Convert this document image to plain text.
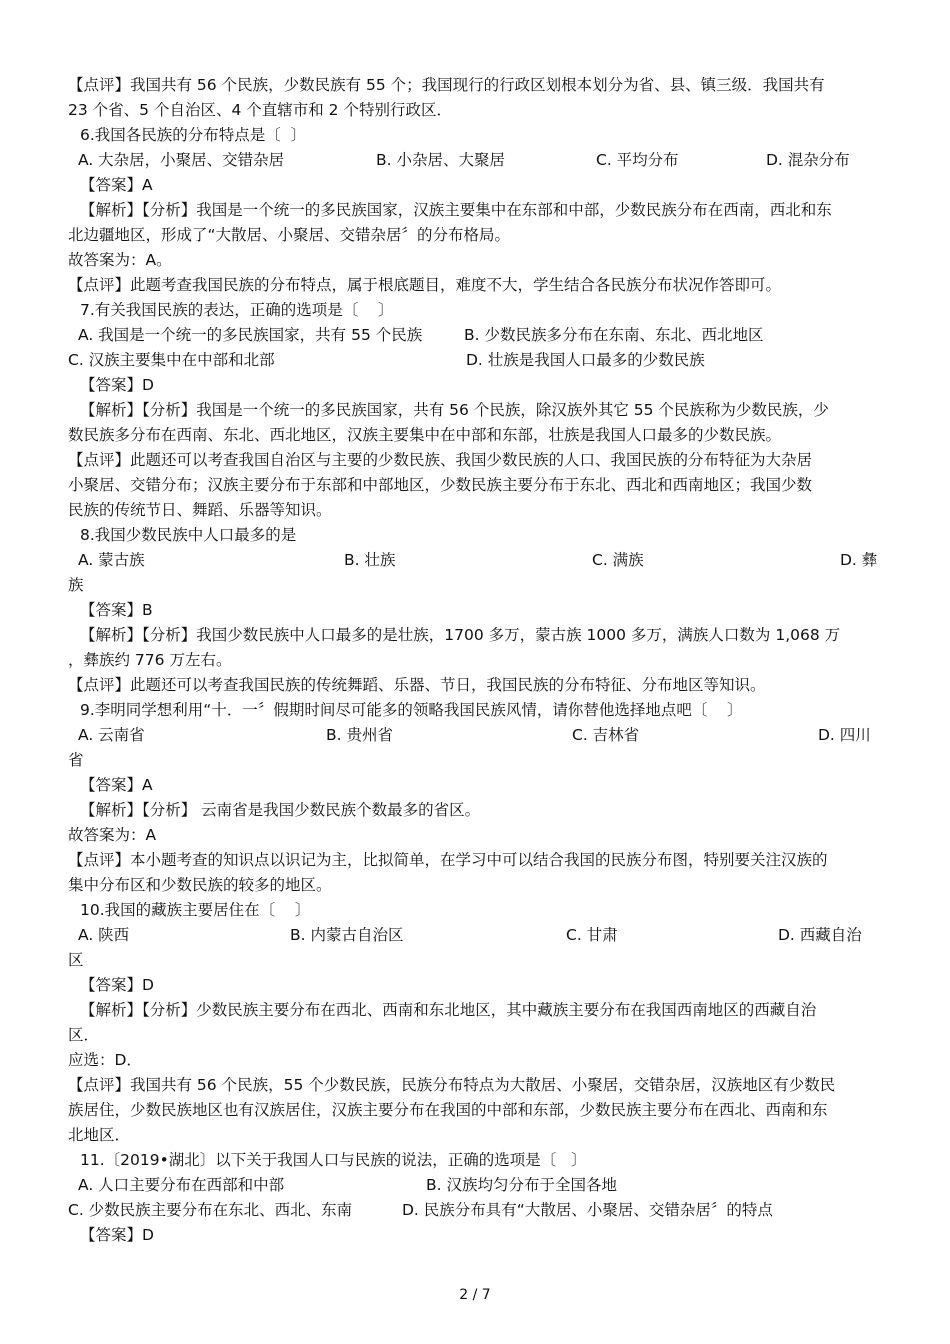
【点评】我国共有 56 个民族，少数民族有 55 个；我国现行的行政区划根本划分为省、县、镇三级．我国共有
23 个省、5 个自治区、4 个直辖市和 2 个特别行政区．
6.我国各民族的分布特点是〔  〕
A. 大杂居，小聚居、交错杂居	B. 小杂居、大聚居	C. 平均分布	D. 混杂分布
【答案】A
【解析】【分析】我国是一个统一的多民族国家，汉族主要集中在东部和中部，少数民族分布在西南，西北和东
北边疆地区，形成了“大散居、小聚居、交错杂居〞的分布格局。
故答案为：A。
【点评】此题考查我国民族的分布特点，属于根底题目，难度不大，学生结合各民族分布状况作答即可。
7.有关我国民族的表达，正确的选项是〔    〕
A. 我国是一个统一的多民族国家，共有 55 个民族	B. 少数民族多分布在东南、东北、西北地区
C. 汉族主要集中在中部和北部	D. 壮族是我国人口最多的少数民族
【答案】D
【解析】【分析】我国是一个统一的多民族国家，共有 56 个民族，除汉族外其它 55 个民族称为少数民族，少
数民族多分布在西南、东北、西北地区，汉族主要集中在中部和东部，壮族是我国人口最多的少数民族。
【点评】此题还可以考查我国自治区与主要的少数民族、我国少数民族的人口、我国民族的分布特征为大杂居
小聚居、交错分布；汉族主要分布于东部和中部地区，少数民族主要分布于东北、西北和西南地区；我国少数
民族的传统节日、舞蹈、乐器等知识。
8.我国少数民族中人口最多的是
A. 蒙古族	B. 壮族	C. 满族	D. 彝
族
【答案】B
【解析】【分析】我国少数民族中人口最多的是壮族，1700 多万，蒙古族 1000 多万，满族人口数为 1,068 万
，彝族约 776 万左右。
【点评】此题还可以考查我国民族的传统舞蹈、乐器、节日，我国民族的分布特征、分布地区等知识。
9.李明同学想利用“十．一〞假期时间尽可能多的领略我国民族风情，请你替他选择地点吧〔    〕
A. 云南省	B. 贵州省	C. 吉林省	D. 四川
省
【答案】A
【解析】【分析】 云南省是我国少数民族个数最多的省区。
故答案为：A
【点评】本小题考查的知识点以识记为主，比拟简单，在学习中可以结合我国的民族分布图，特别要关注汉族的
集中分布区和少数民族的较多的地区。
10.我国的藏族主要居住在〔    〕
A. 陕西	B. 内蒙古自治区	C. 甘肃	D. 西藏自治
区
【答案】D
【解析】【分析】少数民族主要分布在西北、西南和东北地区，其中藏族主要分布在我国西南地区的西藏自治
区．
应选：D．
【点评】我国共有 56 个民族，55 个少数民族，民族分布特点为大散居、小聚居，交错杂居，汉族地区有少数民
族居住，少数民族地区也有汉族居住，汉族主要分布在我国的中部和东部，少数民族主要分布在西北、西南和东
北地区．
11.〔2019•湖北〕以下关于我国人口与民族的说法，正确的选项是〔   〕
A. 人口主要分布在西部和中部	B. 汉族均匀分布于全国各地
C. 少数民族主要分布在东北、西北、东南	D. 民族分布具有“大散居、小聚居、交错杂居〞的特点
【答案】D
2 / 7
